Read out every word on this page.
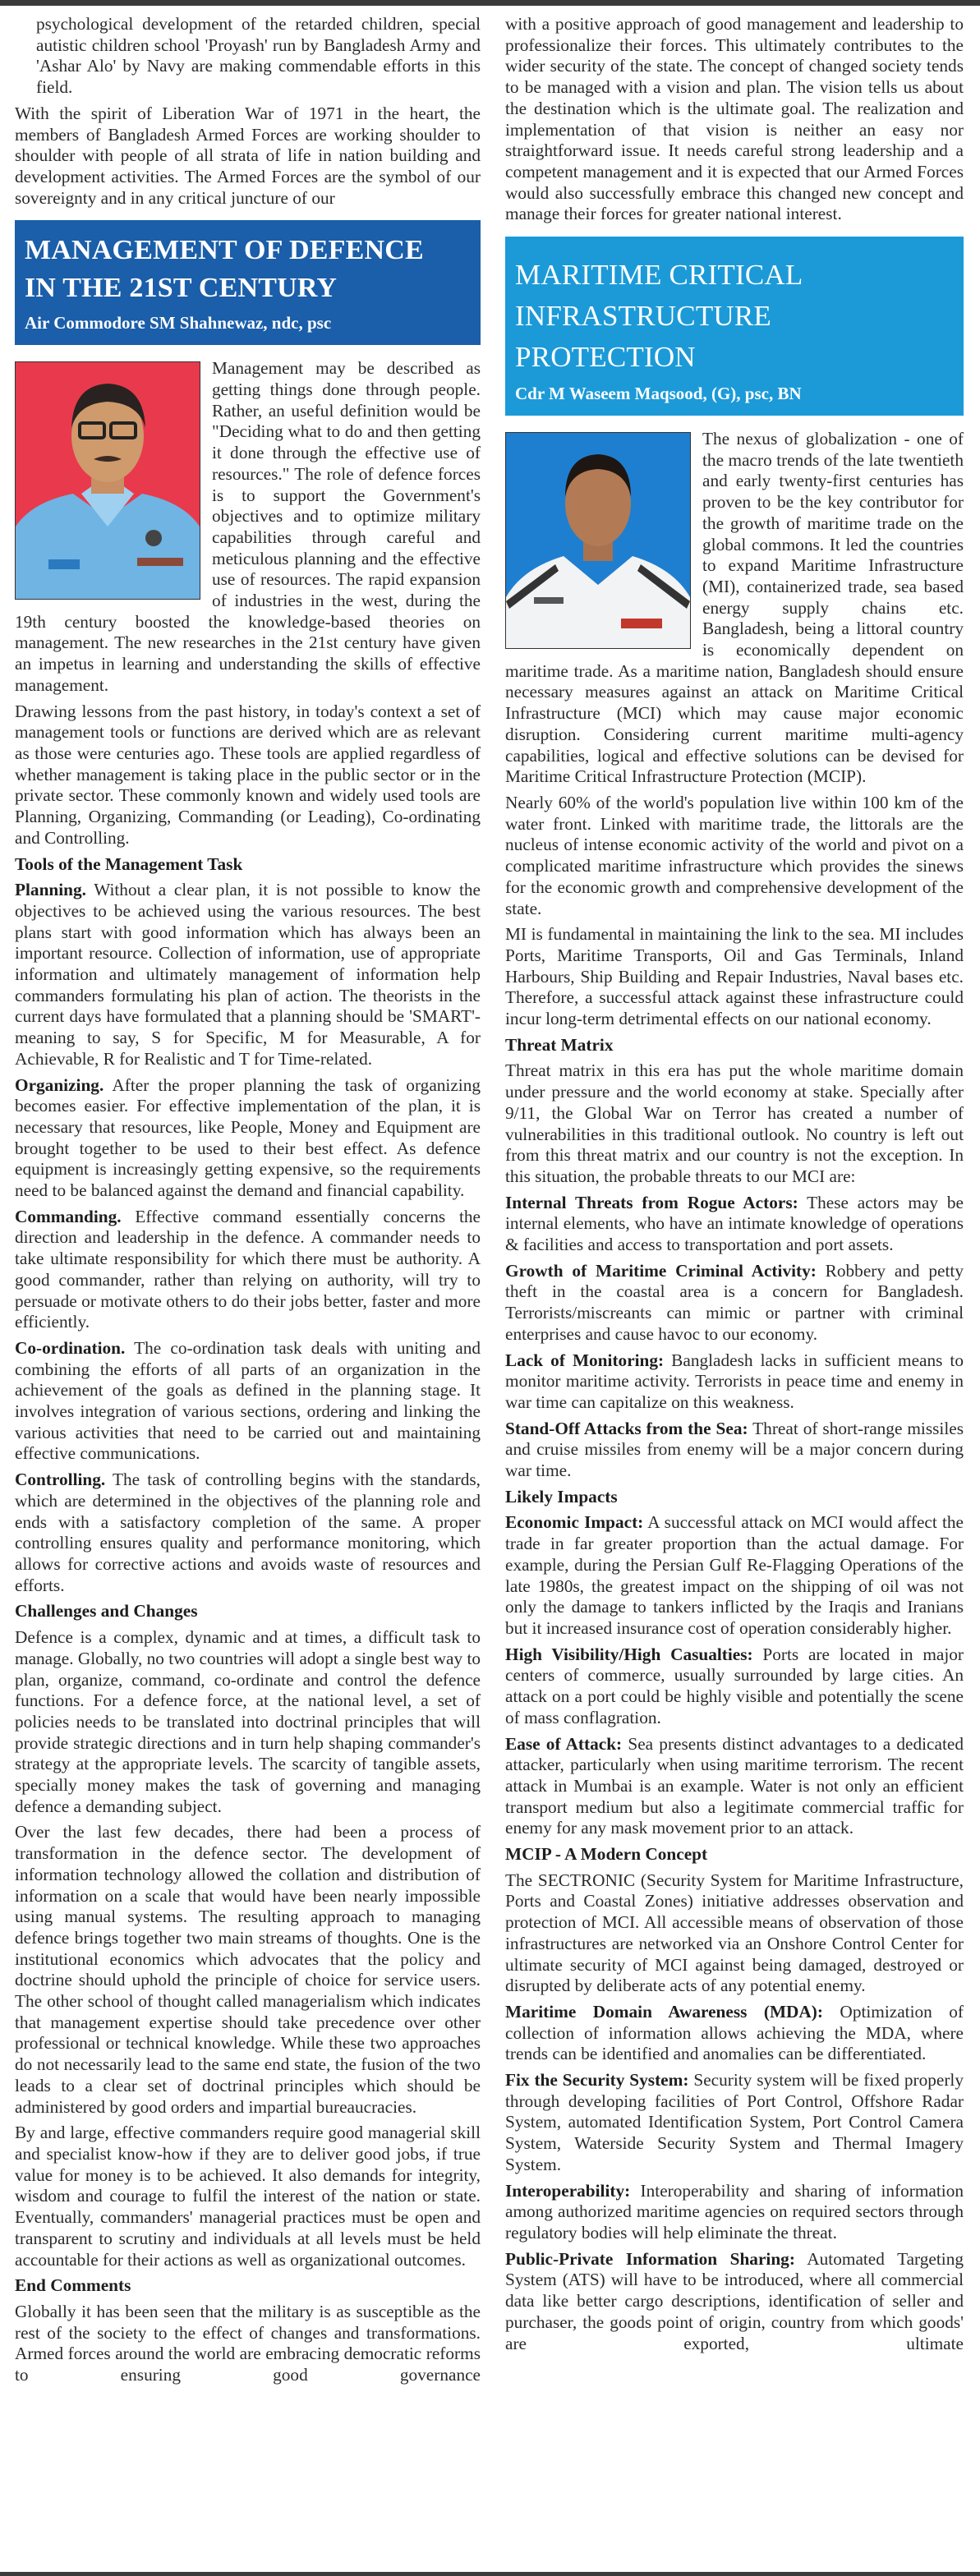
psychological development of the retarded children, special autistic children school 'Proyash' run by Bangladesh Army and 'Ashar Alo' by Navy are making commendable efforts in this field.

With the spirit of Liberation War of 1971 in the heart, the members of Bangladesh Armed Forces are working shoulder to shoulder with people of all strata of life in nation building and development activities. The Armed Forces are the symbol of our sovereignty and in any critical juncture of our

MANAGEMENT OF DEFENCE
IN THE 21ST CENTURY
Air Commodore SM Shahnewaz, ndc, psc

Management may be described as getting things done through people. Rather, an useful definition would be "Deciding what to do and then getting it done through the effective use of resources." The role of defence forces is to support the Government's objectives and to optimize military capabilities through careful and meticulous planning and the effective use of resources. The rapid expansion of industries in the west, during the 19th century boosted the knowledge-based theories on management. The new researches in the 21st century have given an impetus in learning and understanding the skills of effective management.

Drawing lessons from the past history, in today's context a set of management tools or functions are derived which are as relevant as those were centuries ago. These tools are applied regardless of whether management is taking place in the public sector or in the private sector. These commonly known and widely used tools are Planning, Organizing, Commanding (or Leading), Co-ordinating and Controlling.

Tools of the Management Task

Planning. Without a clear plan, it is not possible to know the objectives to be achieved using the various resources. The best plans start with good information which has always been an important resource. Collection of information, use of appropriate information and ultimately management of information help commanders formulating his plan of action. The theorists in the current days have formulated that a planning should be 'SMART'-meaning to say, S for Specific, M for Measurable, A for Achievable, R for Realistic and T for Time-related.

Organizing. After the proper planning the task of organizing becomes easier. For effective implementation of the plan, it is necessary that resources, like People, Money and Equipment are brought together to be used to their best effect. As defence equipment is increasingly getting expensive, so the requirements need to be balanced against the demand and financial capability.

Commanding. Effective command essentially concerns the direction and leadership in the defence. A commander needs to take ultimate responsibility for which there must be authority. A good commander, rather than relying on authority, will try to persuade or motivate others to do their jobs better, faster and more efficiently.

Co-ordination. The co-ordination task deals with uniting and combining the efforts of all parts of an organization in the achievement of the goals as defined in the planning stage. It involves integration of various sections, ordering and linking the various activities that need to be carried out and maintaining effective communications.

Controlling. The task of controlling begins with the standards, which are determined in the objectives of the planning role and ends with a satisfactory completion of the same. A proper controlling ensures quality and performance monitoring, which allows for corrective actions and avoids waste of resources and efforts.

Challenges and Changes

Defence is a complex, dynamic and at times, a difficult task to manage. Globally, no two countries will adopt a single best way to plan, organize, command, co-ordinate and control the defence functions. For a defence force, at the national level, a set of policies needs to be translated into doctrinal principles that will provide strategic directions and in turn help shaping commander's strategy at the appropriate levels. The scarcity of tangible assets, specially money makes the task of governing and managing defence a demanding subject.

Over the last few decades, there had been a process of transformation in the defence sector. The development of information technology allowed the collation and distribution of information on a scale that would have been nearly impossible using manual systems. The resulting approach to managing defence brings together two main streams of thoughts. One is the institutional economics which advocates that the policy and doctrine should uphold the principle of choice for service users. The other school of thought called managerialism which indicates that management expertise should take precedence over other professional or technical knowledge. While these two approaches do not necessarily lead to the same end state, the fusion of the two leads to a clear set of doctrinal principles which should be administered by good orders and impartial bureaucracies.

By and large, effective commanders require good managerial skill and specialist know-how if they are to deliver good jobs, if true value for money is to be achieved. It also demands for integrity, wisdom and courage to fulfil the interest of the nation or state. Eventually, commanders' managerial practices must be open and transparent to scrutiny and individuals at all levels must be held accountable for their actions as well as organizational outcomes.

End Comments

Globally it has been seen that the military is as susceptible as the rest of the society to the effect of changes and transformations. Armed forces around the world are embracing democratic reforms to ensuring good governance

with a positive approach of good management and leadership to professionalize their forces. This ultimately contributes to the wider security of the state. The concept of changed society tends to be managed with a vision and plan. The vision tells us about the destination which is the ultimate goal. The realization and implementation of that vision is neither an easy nor straightforward issue. It needs careful strong leadership and a competent management and it is expected that our Armed Forces would also successfully embrace this changed new concept and manage their forces for greater national interest.

MARITIME CRITICAL
INFRASTRUCTURE PROTECTION
Cdr M Waseem Maqsood, (G), psc, BN

The nexus of globalization - one of the macro trends of the late twentieth and early twenty-first centuries has proven to be the key contributor for the growth of maritime trade on the global commons. It led the countries to expand Maritime Infrastructure (MI), containerized trade, sea based energy supply chains etc. Bangladesh, being a littoral country is economically dependent on maritime trade. As a maritime nation, Bangladesh should ensure necessary measures against an attack on Maritime Critical Infrastructure (MCI) which may cause major economic disruption. Considering current maritime multi-agency capabilities, logical and effective solutions can be devised for Maritime Critical Infrastructure Protection (MCIP).

Nearly 60% of the world's population live within 100 km of the water front. Linked with maritime trade, the littorals are the nucleus of intense economic activity of the world and pivot on a complicated maritime infrastructure which provides the sinews for the economic growth and comprehensive development of the state.

MI is fundamental in maintaining the link to the sea. MI includes Ports, Maritime Transports, Oil and Gas Terminals, Inland Harbours, Ship Building and Repair Industries, Naval bases etc. Therefore, a successful attack against these infrastructure could incur long-term detrimental effects on our national economy.

Threat Matrix

Threat matrix in this era has put the whole maritime domain under pressure and the world economy at stake. Specially after 9/11, the Global War on Terror has created a number of vulnerabilities in this traditional outlook. No country is left out from this threat matrix and our country is not the exception. In this situation, the probable threats to our MCI are:

Internal Threats from Rogue Actors: These actors may be internal elements, who have an intimate knowledge of operations & facilities and access to transportation and port assets.

Growth of Maritime Criminal Activity: Robbery and petty theft in the coastal area is a concern for Bangladesh. Terrorists/miscreants can mimic or partner with criminal enterprises and cause havoc to our economy.

Lack of Monitoring: Bangladesh lacks in sufficient means to monitor maritime activity. Terrorists in peace time and enemy in war time can capitalize on this weakness.

Stand-Off Attacks from the Sea: Threat of short-range missiles and cruise missiles from enemy will be a major concern during war time.

Likely Impacts

Economic Impact: A successful attack on MCI would affect the trade in far greater proportion than the actual damage. For example, during the Persian Gulf Re-Flagging Operations of the late 1980s, the greatest impact on the shipping of oil was not only the damage to tankers inflicted by the Iraqis and Iranians but it increased insurance cost of operation considerably higher.

High Visibility/High Casualties: Ports are located in major centers of commerce, usually surrounded by large cities. An attack on a port could be highly visible and potentially the scene of mass conflagration.

Ease of Attack: Sea presents distinct advantages to a dedicated attacker, particularly when using maritime terrorism. The recent attack in Mumbai is an example. Water is not only an efficient transport medium but also a legitimate commercial traffic for enemy for any mask movement prior to an attack.

MCIP - A Modern Concept

The SECTRONIC (Security System for Maritime Infrastructure, Ports and Coastal Zones) initiative addresses observation and protection of MCI. All accessible means of observation of those infrastructures are networked via an Onshore Control Center for ultimate security of MCI against being damaged, destroyed or disrupted by deliberate acts of any potential enemy.

Maritime Domain Awareness (MDA): Optimization of collection of information allows achieving the MDA, where trends can be identified and anomalies can be differentiated.

Fix the Security System: Security system will be fixed properly through developing facilities of Port Control, Offshore Radar System, automated Identification System, Port Control Camera System, Waterside Security System and Thermal Imagery System.

Interoperability: Interoperability and sharing of information among authorized maritime agencies on required sectors through regulatory bodies will help eliminate the threat.

Public-Private Information Sharing: Automated Targeting System (ATS) will have to be introduced, where all commercial data like better cargo descriptions, identification of seller and purchaser, the goods point of origin, country from which goods' are exported, ultimate
